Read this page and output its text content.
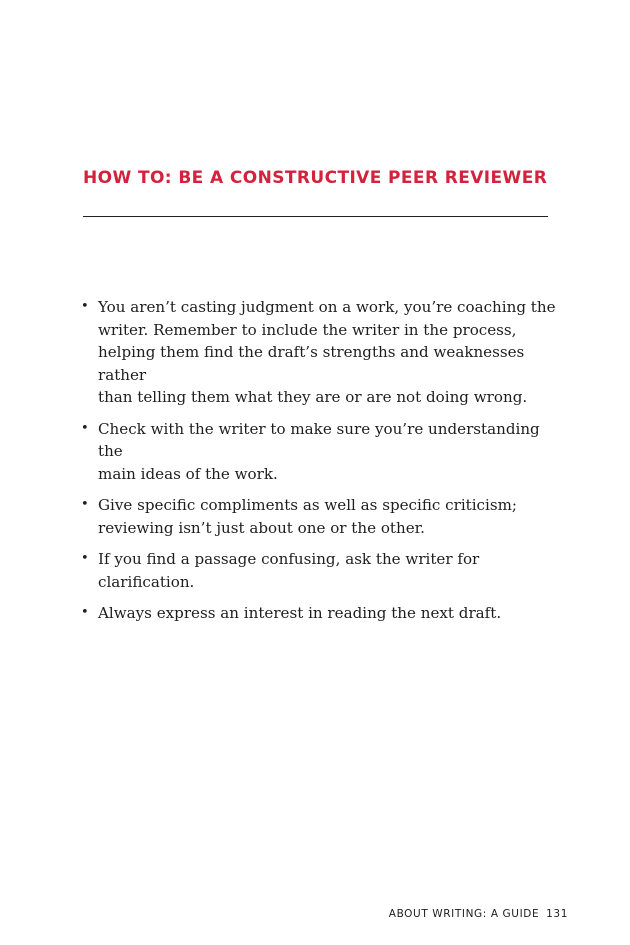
HOW TO: BE A CONSTRUCTIVE PEER REVIEWER
• You aren’t casting judgment on a work, you’re coaching the
writer. Remember to include the writer in the process,
helping them find the draft’s strengths and weaknesses rather
than telling them what they are or are not doing wrong.
• Check with the writer to make sure you’re understanding the
main ideas of the work.
• Give specific compliments as well as specific criticism;
reviewing isn’t just about one or the other.
• If you find a passage confusing, ask the writer for
clarification.
• Always express an interest in reading the next draft.
ABOUT WRITING: A GUIDE 131
